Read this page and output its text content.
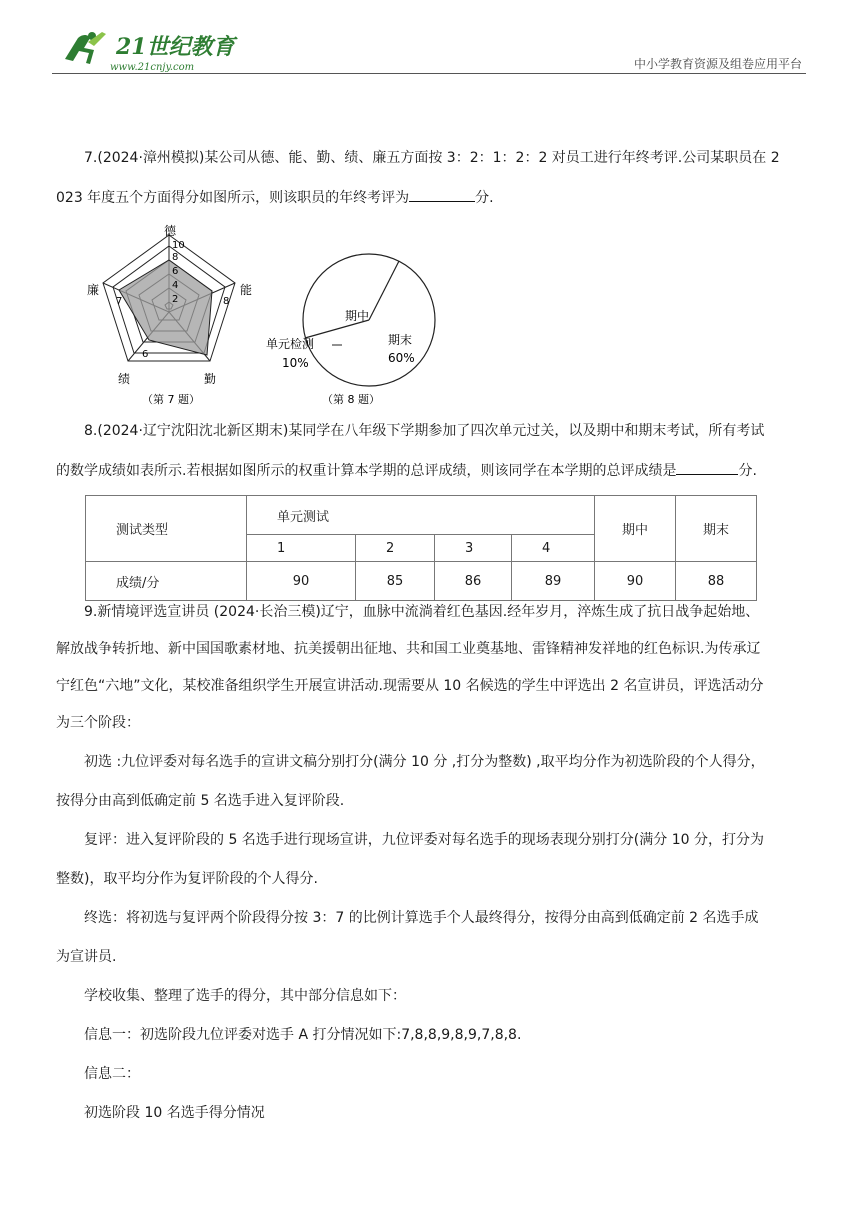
21世纪教育
www.21cnjy.com	中小学教育资源及组卷应用平台
7.(2024·漳州模拟)某公司从德、能、勤、绩、廉五方面按 3：2：1：2：2 对员工进行年终考评.公司某职员在 2
023 年度五个方面得分如图所示，则该职员的年终考评为	分.
德
能
勤
绩
廉
10
8
6
4
2	8
6
7
（第 7 题）
期中
期末
60%
单元检测
10%
（第 8 题）
8.(2024·辽宁沈阳沈北新区期末)某同学在八年级下学期参加了四次单元过关，以及期中和期末考试，所有考试
的数学成绩如表所示.若根据如图所示的权重计算本学期的总评成绩，则该同学在本学期的总评成绩是	分.
测试类型	单元测试				期中	期末
	1	2	3	4		
成绩/分	90	85	86	89	90	88
9.新情境评选宣讲员 (2024·长治三模)辽宁，血脉中流淌着红色基因.经年岁月，淬炼生成了抗日战争起始地、
解放战争转折地、新中国国歌素材地、抗美援朝出征地、共和国工业奠基地、雷锋精神发祥地的红色标识.为传承辽
宁红色“六地”文化，某校准备组织学生开展宣讲活动.现需要从 10 名候选的学生中评选出 2 名宣讲员，评选活动分
为三个阶段：
初选 :九位评委对每名选手的宣讲文稿分别打分(满分 10 分 ,打分为整数) ,取平均分作为初选阶段的个人得分，
按得分由高到低确定前 5 名选手进入复评阶段.
复评：进入复评阶段的 5 名选手进行现场宣讲，九位评委对每名选手的现场表现分别打分(满分 10 分，打分为
整数)，取平均分作为复评阶段的个人得分.
终选：将初选与复评两个阶段得分按 3：7 的比例计算选手个人最终得分，按得分由高到低确定前 2 名选手成
为宣讲员.
学校收集、整理了选手的得分，其中部分信息如下：
信息一：初选阶段九位评委对选手 A 打分情况如下:7,8,8,9,8,9,7,8,8.
信息二：
初选阶段 10 名选手得分情况
